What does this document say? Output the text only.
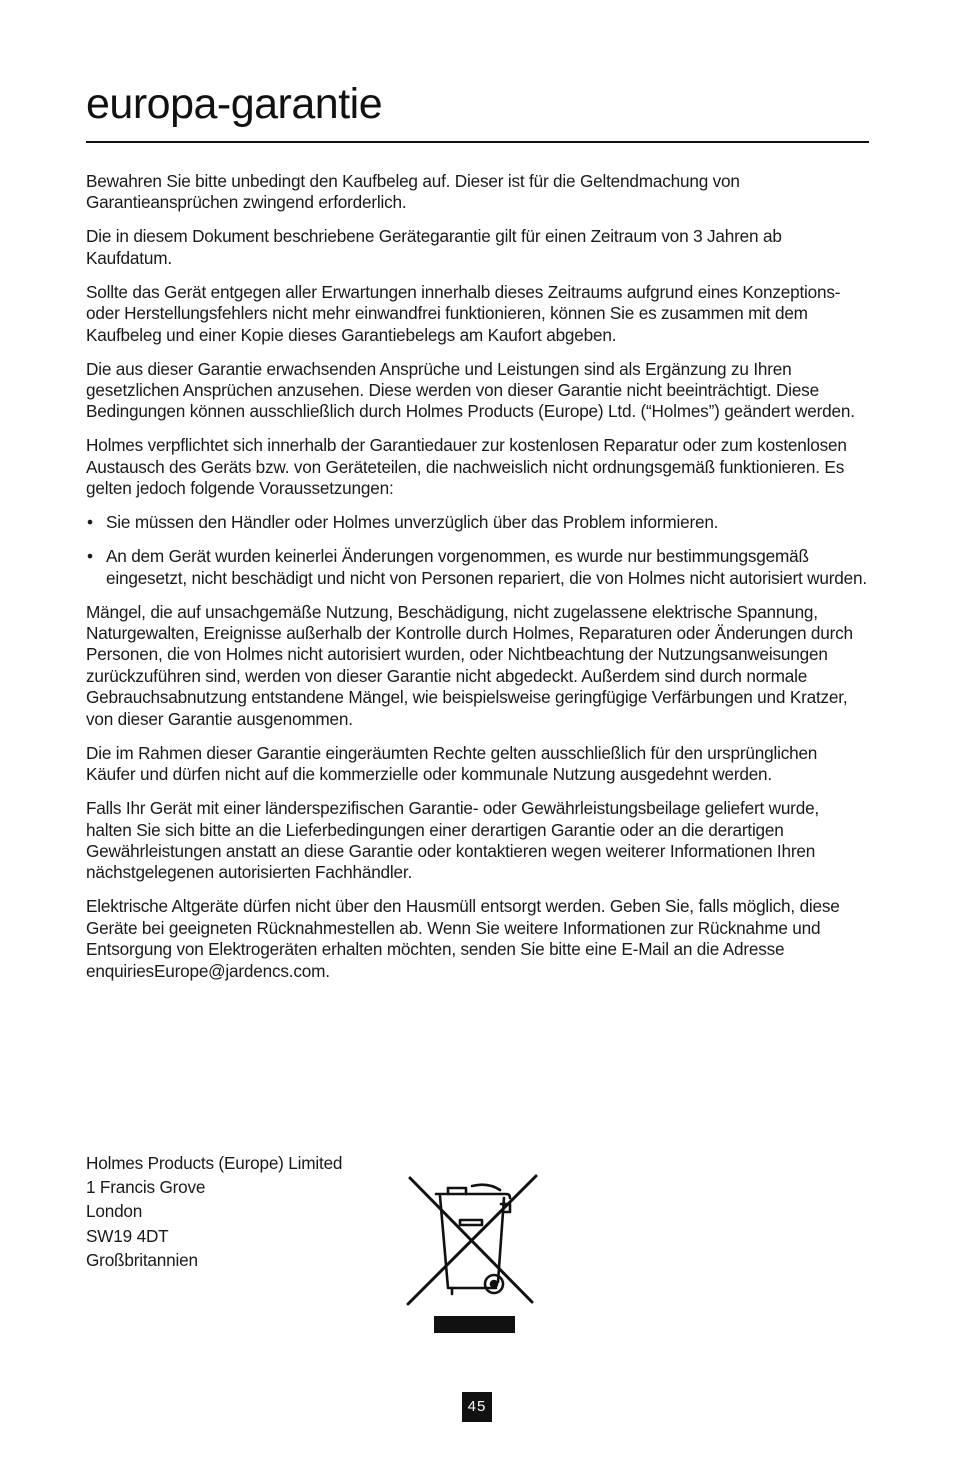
europa-garantie

Bewahren Sie bitte unbedingt den Kaufbeleg auf. Dieser ist für die Geltendmachung von Garantieansprüchen zwingend erforderlich.

Die in diesem Dokument beschriebene Gerätegarantie gilt für einen Zeitraum von 3 Jahren ab Kaufdatum.

Sollte das Gerät entgegen aller Erwartungen innerhalb dieses Zeitraums aufgrund eines Konzeptions- oder Herstellungsfehlers nicht mehr einwandfrei funktionieren, können Sie es zusammen mit dem Kaufbeleg und einer Kopie dieses Garantiebelegs am Kaufort abgeben.

Die aus dieser Garantie erwachsenden Ansprüche und Leistungen sind als Ergänzung zu Ihren gesetzlichen Ansprüchen anzusehen. Diese werden von dieser Garantie nicht beeinträchtigt. Diese Bedingungen können ausschließlich durch Holmes Products (Europe) Ltd. (“Holmes”) geändert werden.

Holmes verpflichtet sich innerhalb der Garantiedauer zur kostenlosen Reparatur oder zum kostenlosen Austausch des Geräts bzw. von Geräteteilen, die nachweislich nicht ordnungsgemäß funktionieren. Es gelten jedoch folgende Voraussetzungen:

• Sie müssen den Händler oder Holmes unverzüglich über das Problem informieren.
• An dem Gerät wurden keinerlei Änderungen vorgenommen, es wurde nur bestimmungsgemäß eingesetzt, nicht beschädigt und nicht von Personen repariert, die von Holmes nicht autorisiert wurden.

Mängel, die auf unsachgemäße Nutzung, Beschädigung, nicht zugelassene elektrische Spannung, Naturgewalten, Ereignisse außerhalb der Kontrolle durch Holmes, Reparaturen oder Änderungen durch Personen, die von Holmes nicht autorisiert wurden, oder Nichtbeachtung der Nutzungsanweisungen zurückzuführen sind, werden von dieser Garantie nicht abgedeckt. Außerdem sind durch normale Gebrauchsabnutzung entstandene Mängel, wie beispielsweise geringfügige Verfärbungen und Kratzer, von dieser Garantie ausgenommen.

Die im Rahmen dieser Garantie eingeräumten Rechte gelten ausschließlich für den ursprünglichen Käufer und dürfen nicht auf die kommerzielle oder kommunale Nutzung ausgedehnt werden.

Falls Ihr Gerät mit einer länderspezifischen Garantie- oder Gewährleistungsbeilage geliefert wurde, halten Sie sich bitte an die Lieferbedingungen einer derartigen Garantie oder an die derartigen Gewährleistungen anstatt an diese Garantie oder kontaktieren wegen weiterer Informationen Ihren nächstgelegenen autorisierten Fachhändler.

Elektrische Altgeräte dürfen nicht über den Hausmüll entsorgt werden. Geben Sie, falls möglich, diese Geräte bei geeigneten Rücknahmestellen ab. Wenn Sie weitere Informationen zur Rücknahme und Entsorgung von Elektrogeräten erhalten möchten, senden Sie bitte eine E-Mail an die Adresse enquiriesEurope@jardencs.com.

Holmes Products (Europe) Limited
1 Francis Grove
London
SW19 4DT
Großbritannien
45
